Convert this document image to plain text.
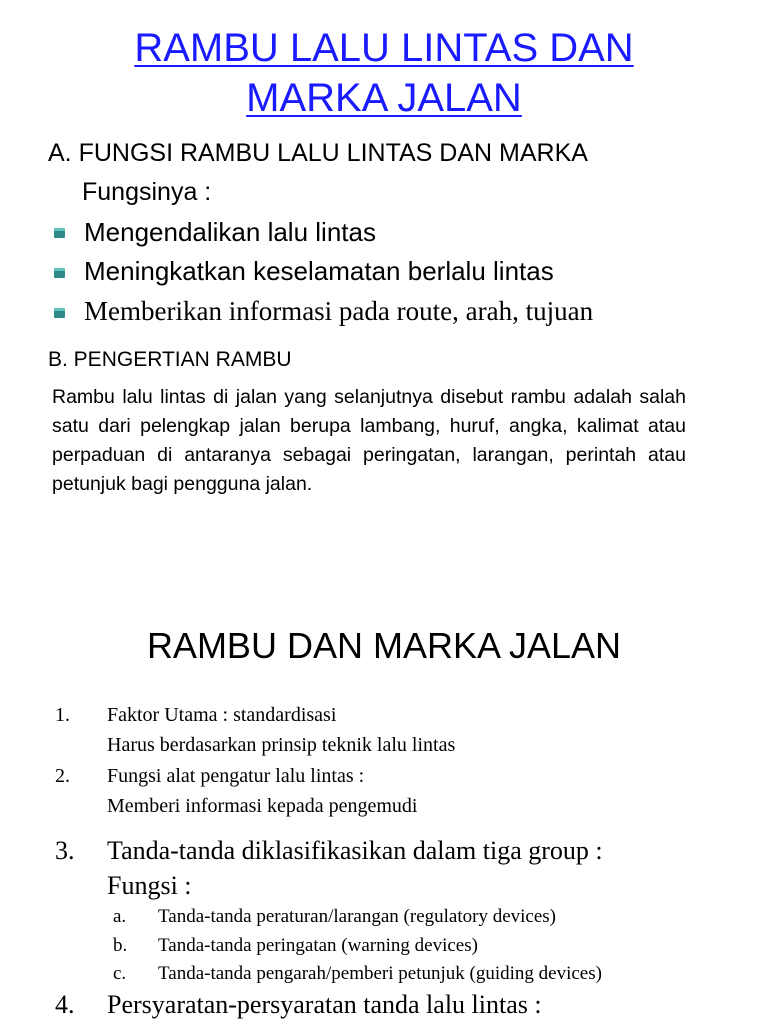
RAMBU LALU LINTAS DAN
MARKA JALAN
A. FUNGSI RAMBU LALU LINTAS DAN MARKA
Fungsinya :
Mengendalikan lalu lintas
Meningkatkan keselamatan berlalu lintas
Memberikan informasi pada route, arah, tujuan
B. PENGERTIAN RAMBU
Rambu lalu lintas di jalan yang selanjutnya disebut rambu adalah salah satu dari pelengkap jalan berupa lambang, huruf, angka, kalimat atau perpaduan di antaranya sebagai peringatan, larangan, perintah atau petunjuk bagi pengguna jalan.
RAMBU DAN MARKA JALAN
1. Faktor Utama : standardisasi
Harus berdasarkan prinsip teknik lalu lintas
2. Fungsi alat pengatur lalu lintas :
Memberi informasi kepada pengemudi
3. Tanda-tanda diklasifikasikan dalam tiga group :
Fungsi :
a. Tanda-tanda peraturan/larangan (regulatory devices)
b. Tanda-tanda peringatan (warning devices)
c. Tanda-tanda pengarah/pemberi petunjuk (guiding devices)
4. Persyaratan-persyaratan tanda lalu lintas :
